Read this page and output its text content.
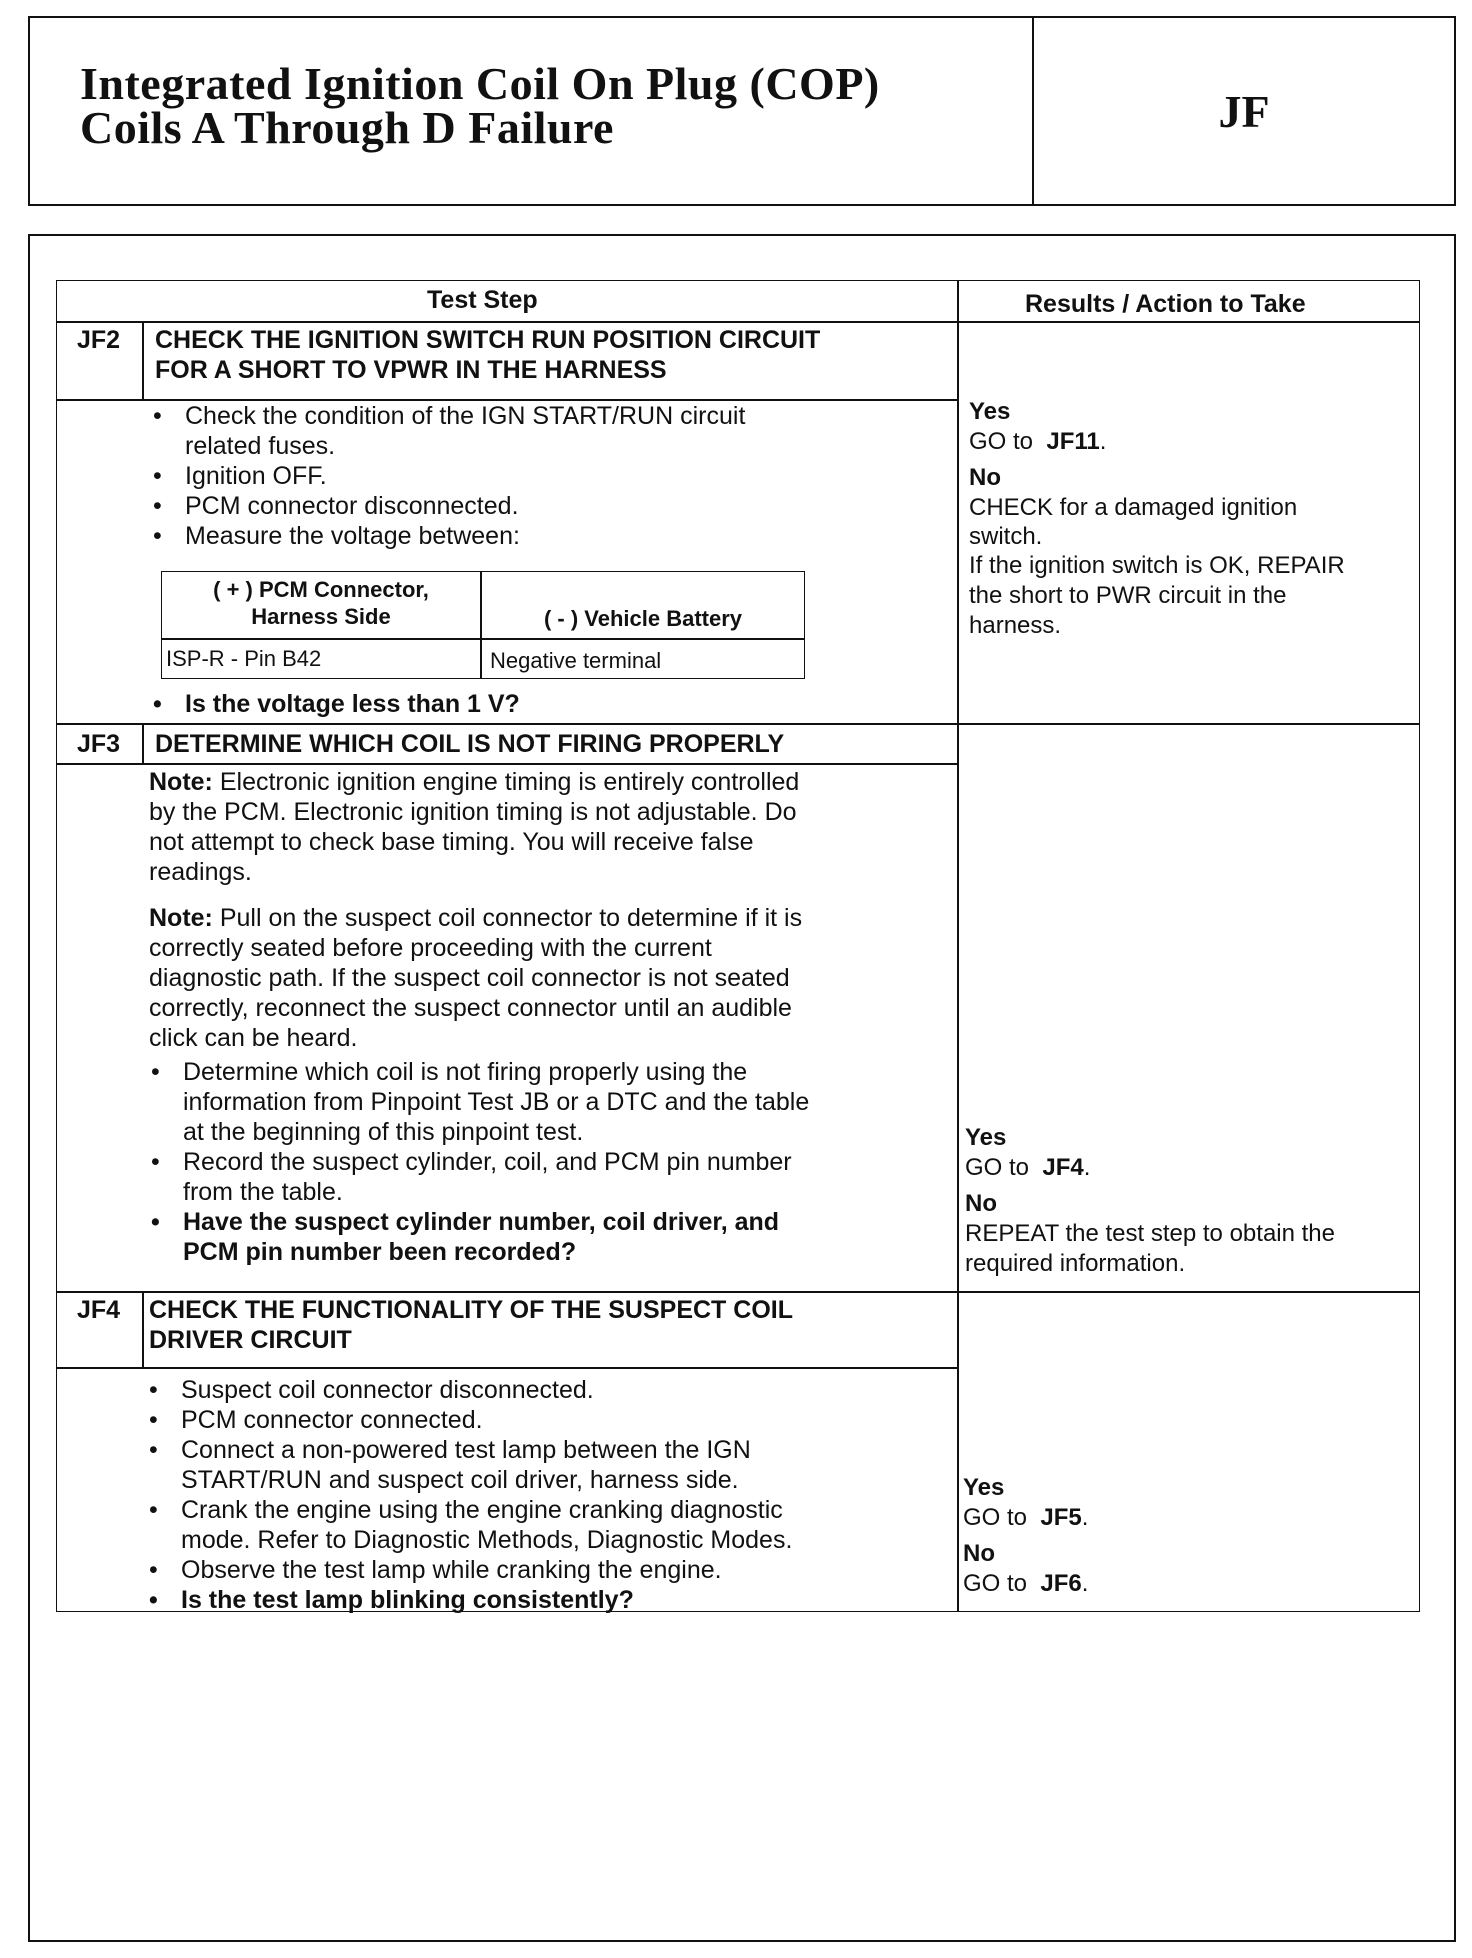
Integrated Ignition Coil On Plug (COP)
Coils A Through D Failure	JF
Test Step	Results / Action to Take
JF2 CHECK THE IGNITION SWITCH RUN POSITION CIRCUIT
FOR A SHORT TO VPWR IN THE HARNESS
• Check the condition of the IGN START/RUN circuit
related fuses.
• Ignition OFF.
• PCM connector disconnected.
• Measure the voltage between:
( + ) PCM Connector,
Harness Side	( - ) Vehicle Battery
ISP-R - Pin B42	Negative terminal
• Is the voltage less than 1 V?
Yes
GO to JF11.
No
CHECK for a damaged ignition
switch.
If the ignition switch is OK, REPAIR
the short to PWR circuit in the
harness.
JF3 DETERMINE WHICH COIL IS NOT FIRING PROPERLY
Note: Electronic ignition engine timing is entirely controlled
by the PCM. Electronic ignition timing is not adjustable. Do
not attempt to check base timing. You will receive false
readings.
Note: Pull on the suspect coil connector to determine if it is
correctly seated before proceeding with the current
diagnostic path. If the suspect coil connector is not seated
correctly, reconnect the suspect connector until an audible
click can be heard.
• Determine which coil is not firing properly using the
information from Pinpoint Test JB or a DTC and the table
at the beginning of this pinpoint test.
• Record the suspect cylinder, coil, and PCM pin number
from the table.
• Have the suspect cylinder number, coil driver, and
PCM pin number been recorded?
Yes
GO to JF4.
No
REPEAT the test step to obtain the
required information.
JF4 CHECK THE FUNCTIONALITY OF THE SUSPECT COIL
DRIVER CIRCUIT
• Suspect coil connector disconnected.
• PCM connector connected.
• Connect a non-powered test lamp between the IGN
START/RUN and suspect coil driver, harness side.
• Crank the engine using the engine cranking diagnostic
mode. Refer to Diagnostic Methods, Diagnostic Modes.
• Observe the test lamp while cranking the engine.
• Is the test lamp blinking consistently?
Yes
GO to JF5.
No
GO to JF6.
